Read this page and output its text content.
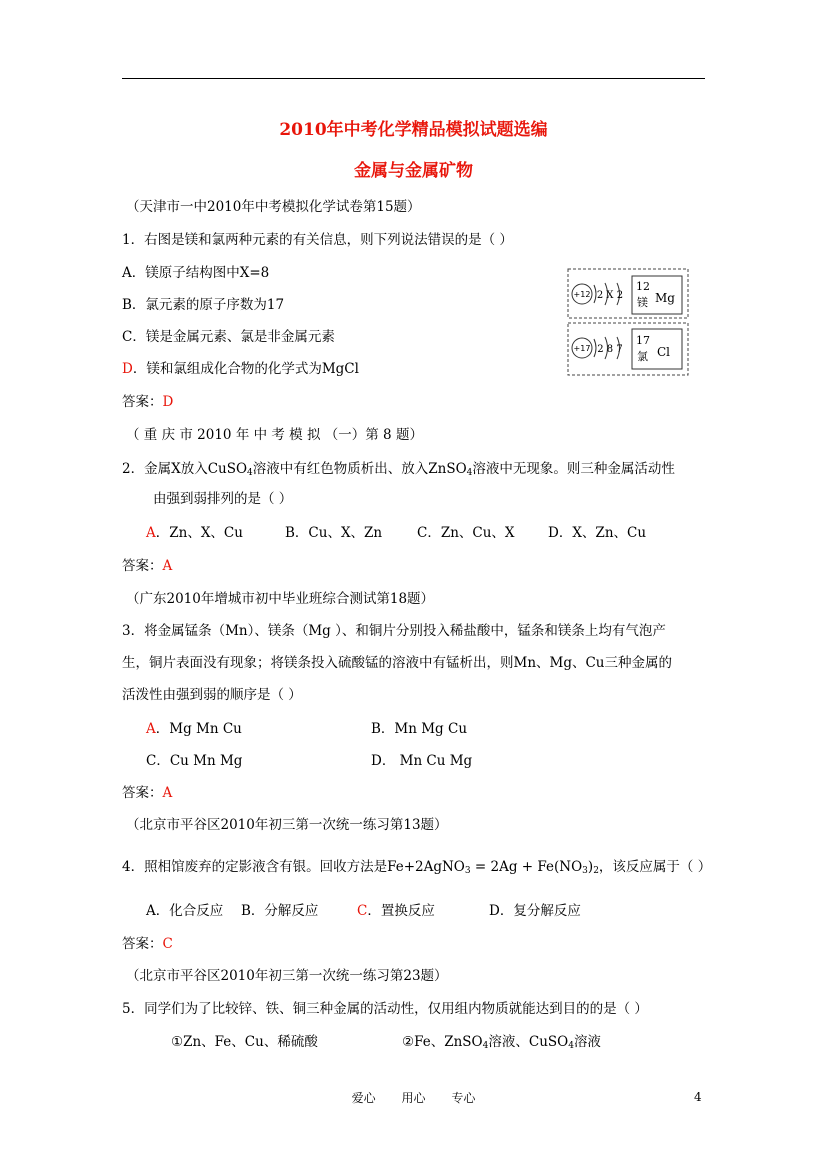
2010年中考化学精品模拟试题选编
金属与金属矿物
（天津市一中2010年中考模拟化学试卷第15题）
1．右图是镁和氯两种元素的有关信息，则下列说法错误的是（ ）
A．镁原子结构图中X=8
B．氯元素的原子序数为17
C．镁是金属元素、氯是非金属元素
D．镁和氯组成化合物的化学式为MgCl
答案：D
+12 2 X 2
12
镁 Mg
+17 2 8 7
17
氯 Cl
（ 重 庆 市 2010 年 中 考 模 拟 （一）第 8 题）
2．金属X放入CuSO$_4$溶液中有红色物质析出、放入ZnSO$_4$溶液中无现象。则三种金属活动性
由强到弱排列的是（ ）
A．Zn、X、Cu	B．Cu、X、Zn	C．Zn、Cu、X D．X、Zn、Cu
答案：A
（广东2010年增城市初中毕业班综合测试第18题）
3．将金属锰条（Mn）、镁条（Mg ）、和铜片分别投入稀盐酸中，锰条和镁条上均有气泡产
生，铜片表面没有现象；将镁条投入硫酸锰的溶液中有锰析出，则Mn、Mg、Cu三种金属的
活泼性由强到弱的顺序是（ ）
A．Mg Mn Cu	B．Mn Mg Cu
C．Cu Mn Mg	D． Mn Cu Mg
答案：A
（北京市平谷区2010年初三第一次统一练习第13题）
4．照相馆废弃的定影液含有银。回收方法是Fe+2AgNO$_3$ = $2Ag + Fe(NO_3)_2$，该反应属于（ ）
A．化合反应 B．分解反应	C．置换反应	D．复分解反应
答案：C
（北京市平谷区2010年初三第一次统一练习第23题）
5．同学们为了比较锌、铁、铜三种金属的活动性，仅用组内物质就能达到目的的是（ ）
①Zn、Fe、Cu、稀硫酸	②Fe、ZnSO$_4$溶液、CuSO$_4$溶液
爱心 用心 专心	4
